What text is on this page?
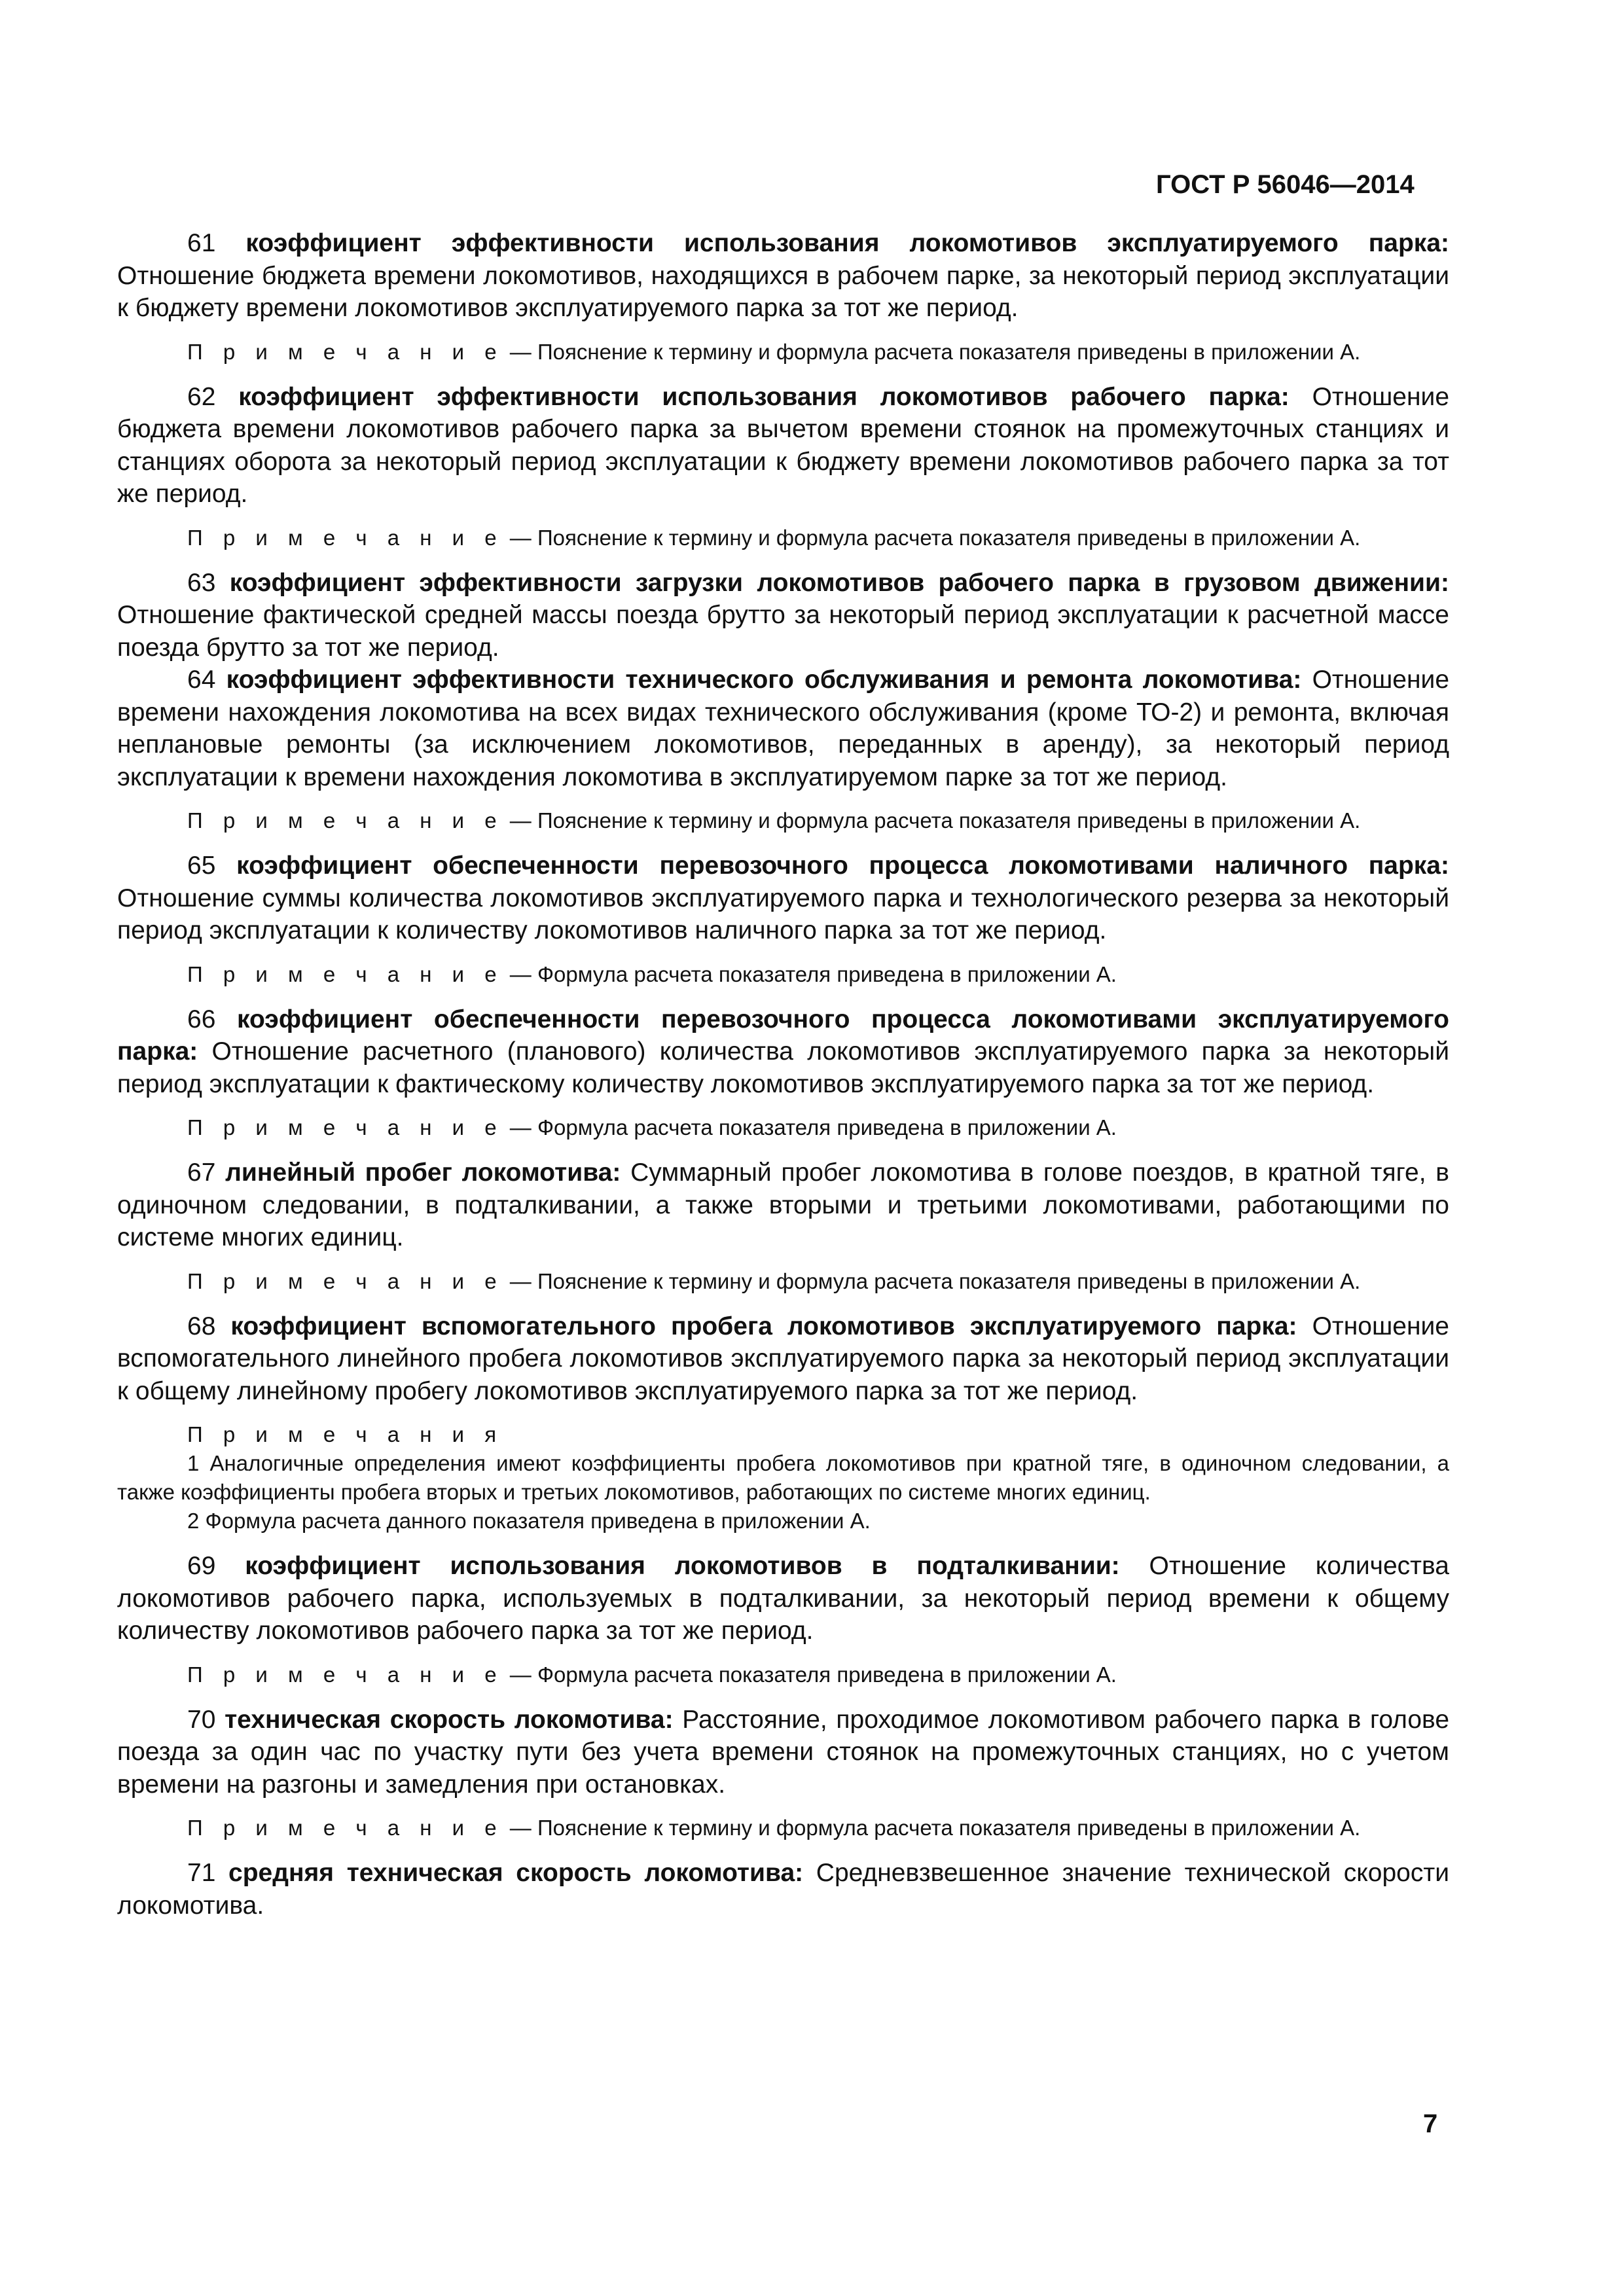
ГОСТ Р 56046—2014

61 коэффициент эффективности использования локомотивов эксплуатируемого парка: Отношение бюджета времени локомотивов, находящихся в рабочем парке, за некоторый период эксплуатации к бюджету времени локомотивов эксплуатируемого парка за тот же период.

П р и м е ч а н и е — Пояснение к термину и формула расчета показателя приведены в приложении А.

62 коэффициент эффективности использования локомотивов рабочего парка: Отношение бюджета времени локомотивов рабочего парка за вычетом времени стоянок на промежуточных станциях и станциях оборота за некоторый период эксплуатации к бюджету времени локомотивов рабочего парка за тот же период.

П р и м е ч а н и е — Пояснение к термину и формула расчета показателя приведены в приложении А.

63 коэффициент эффективности загрузки локомотивов рабочего парка в грузовом движении: Отношение фактической средней массы поезда брутто за некоторый период эксплуатации к расчетной массе поезда брутто за тот же период.

64 коэффициент эффективности технического обслуживания и ремонта локомотива: Отношение времени нахождения локомотива на всех видах технического обслуживания (кроме ТО-2) и ремонта, включая неплановые ремонты (за исключением локомотивов, переданных в аренду), за некоторый период эксплуатации к времени нахождения локомотива в эксплуатируемом парке за тот же период.

П р и м е ч а н и е — Пояснение к термину и формула расчета показателя приведены в приложении А.

65 коэффициент обеспеченности перевозочного процесса локомотивами наличного парка: Отношение суммы количества локомотивов эксплуатируемого парка и технологического резерва за некоторый период эксплуатации к количеству локомотивов наличного парка за тот же период.

П р и м е ч а н и е — Формула расчета показателя приведена в приложении А.

66 коэффициент обеспеченности перевозочного процесса локомотивами эксплуатируемого парка: Отношение расчетного (планового) количества локомотивов эксплуатируемого парка за некоторый период эксплуатации к фактическому количеству локомотивов эксплуатируемого парка за тот же период.

П р и м е ч а н и е — Формула расчета показателя приведена в приложении А.

67 линейный пробег локомотива: Суммарный пробег локомотива в голове поездов, в кратной тяге, в одиночном следовании, в подталкивании, а также вторыми и третьими локомотивами, работающими по системе многих единиц.

П р и м е ч а н и е — Пояснение к термину и формула расчета показателя приведены в приложении А.

68 коэффициент вспомогательного пробега локомотивов эксплуатируемого парка: Отношение вспомогательного линейного пробега локомотивов эксплуатируемого парка за некоторый период эксплуатации к общему линейному пробегу локомотивов эксплуатируемого парка за тот же период.

П р и м е ч а н и я
1 Аналогичные определения имеют коэффициенты пробега локомотивов при кратной тяге, в одиночном следовании, а также коэффициенты пробега вторых и третьих локомотивов, работающих по системе многих единиц.
2 Формула расчета данного показателя приведена в приложении А.

69 коэффициент использования локомотивов в подталкивании: Отношение количества локомотивов рабочего парка, используемых в подталкивании, за некоторый период времени к общему количеству локомотивов рабочего парка за тот же период.

П р и м е ч а н и е — Формула расчета показателя приведена в приложении А.

70 техническая скорость локомотива: Расстояние, проходимое локомотивом рабочего парка в голове поезда за один час по участку пути без учета времени стоянок на промежуточных станциях, но с учетом времени на разгоны и замедления при остановках.

П р и м е ч а н и е — Пояснение к термину и формула расчета показателя приведены в приложении А.

71 средняя техническая скорость локомотива: Средневзвешенное значение технической скорости локомотива.

7
